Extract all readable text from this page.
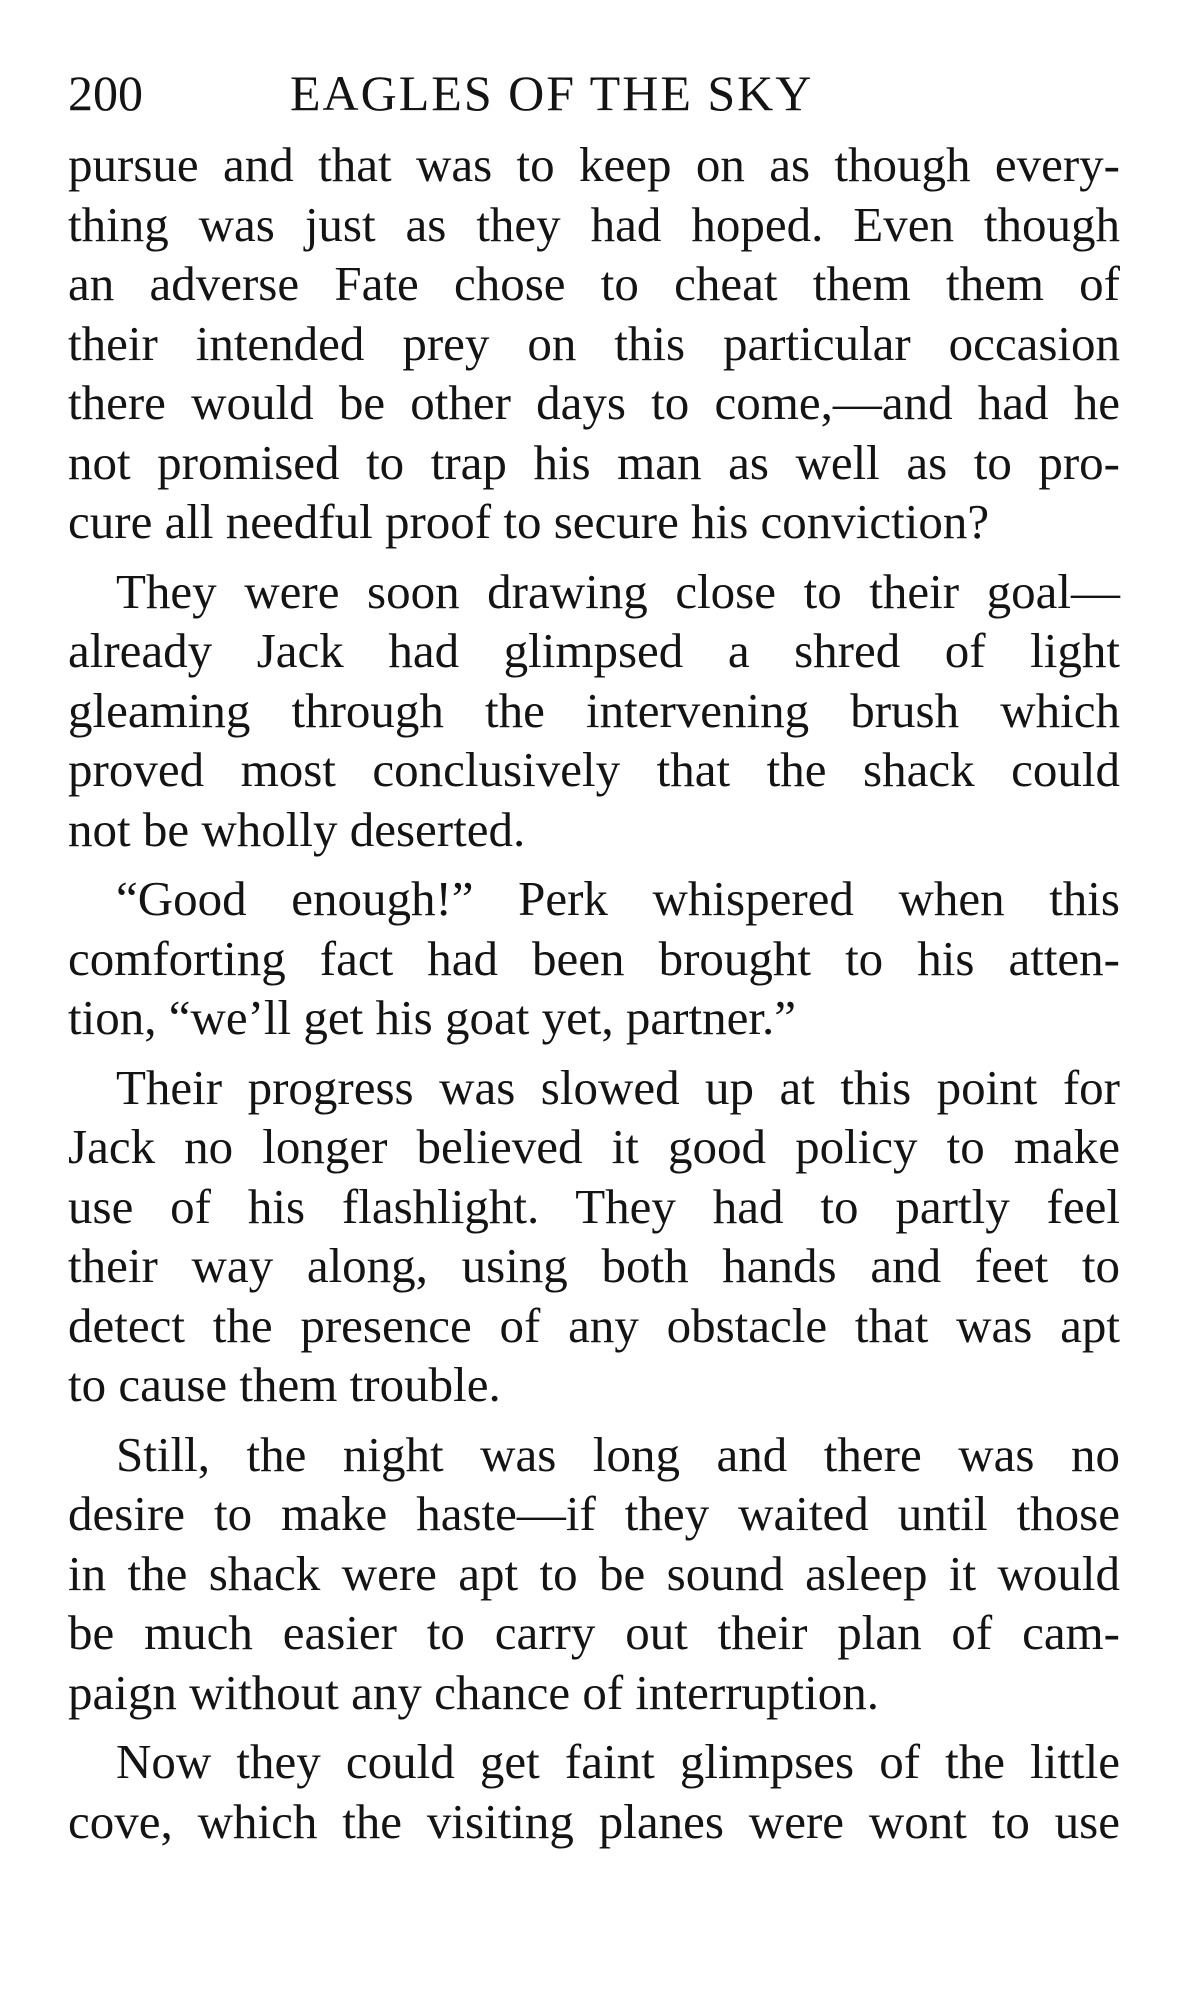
200	EAGLES OF THE SKY
pursue and that was to keep on as though every-
thing was just as they had hoped. Even though
an adverse Fate chose to cheat them them of
their intended prey on this particular occasion
there would be other days to come,—and had he
not promised to trap his man as well as to pro-
cure all needful proof to secure his conviction?
They were soon drawing close to their goal—
already Jack had glimpsed a shred of light
gleaming through the intervening brush which
proved most conclusively that the shack could
not be wholly deserted.
“Good enough!” Perk whispered when this
comforting fact had been brought to his atten-
tion, “we’ll get his goat yet, partner.”
Their progress was slowed up at this point for
Jack no longer believed it good policy to make
use of his flashlight. They had to partly feel
their way along, using both hands and feet to
detect the presence of any obstacle that was apt
to cause them trouble.
Still, the night was long and there was no
desire to make haste—if they waited until those
in the shack were apt to be sound asleep it would
be much easier to carry out their plan of cam-
paign without any chance of interruption.
Now they could get faint glimpses of the little
cove, which the visiting planes were wont to use
